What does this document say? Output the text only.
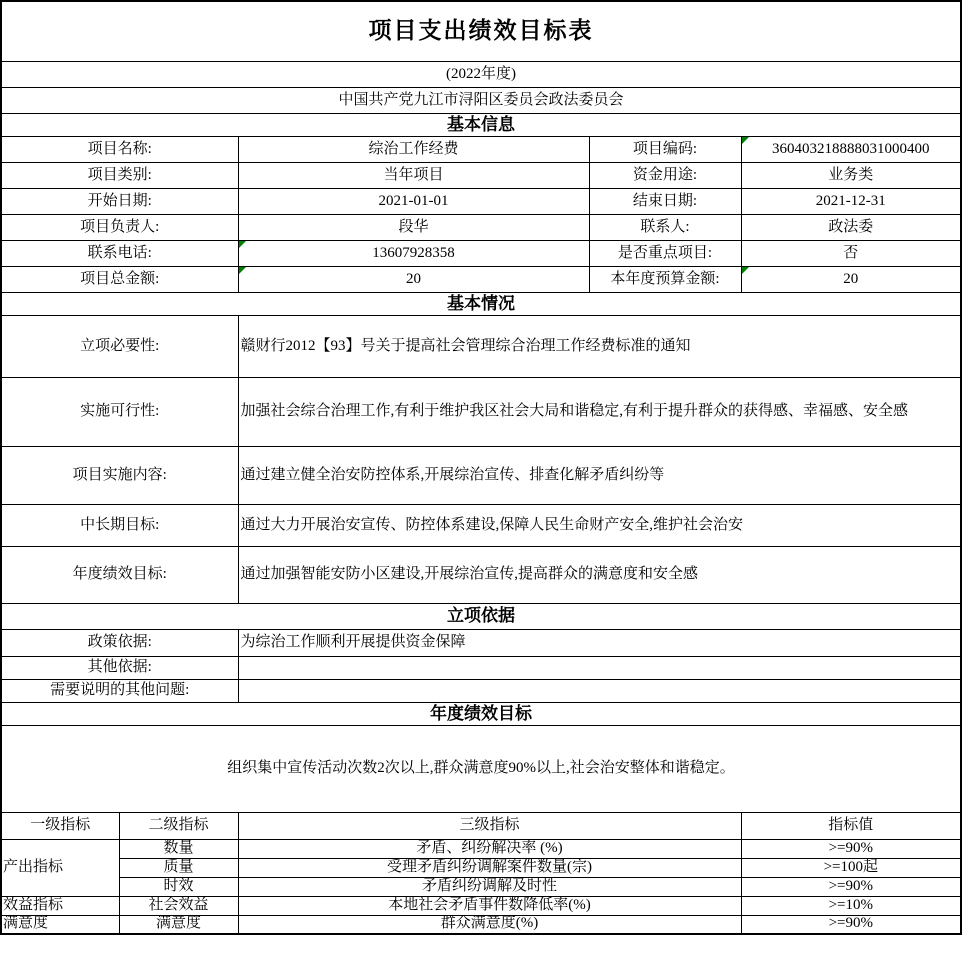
项目支出绩效目标表				
(2022年度)				
中国共产党九江市浔阳区委员会政法委员会				
基本信息				
项目名称:		综治工作经费	项目编码:	360403218888031000400
项目类别:		当年项目	资金用途:	业务类
开始日期:		2021-01-01	结束日期:	2021-12-31
项目负责人:		段华	联系人:	政法委
联系电话:		13607928358	是否重点项目:	否
项目总金额:		20	本年度预算金额:	20
基本情况				
立项必要性:		赣财行2012【93】号关于提高社会管理综合治理工作经费标准的通知		
实施可行性:		加强社会综合治理工作,有利于维护我区社会大局和谐稳定,有利于提升群众的获得感、幸福感、安全感		
项目实施内容:		通过建立健全治安防控体系,开展综治宣传、排查化解矛盾纠纷等		
中长期目标:		通过大力开展治安宣传、防控体系建设,保障人民生命财产安全,维护社会治安		
年度绩效目标:		通过加强智能安防小区建设,开展综治宣传,提高群众的满意度和安全感		
立项依据				
政策依据:		为综治工作顺利开展提供资金保障		
其他依据:				
需要说明的其他问题:				
年度绩效目标				
组织集中宣传活动次数2次以上,群众满意度90%以上,社会治安整体和谐稳定。				
一级指标	二级指标	三级指标		指标值
产出指标	数量	矛盾、纠纷解决率 (%)		>=90%
	质量	受理矛盾纠纷调解案件数量(宗)		>=100起
	时效	矛盾纠纷调解及时性		>=90%
效益指标	社会效益	本地社会矛盾事件数降低率(%)		>=10%
满意度	满意度	群众满意度(%)		>=90%
